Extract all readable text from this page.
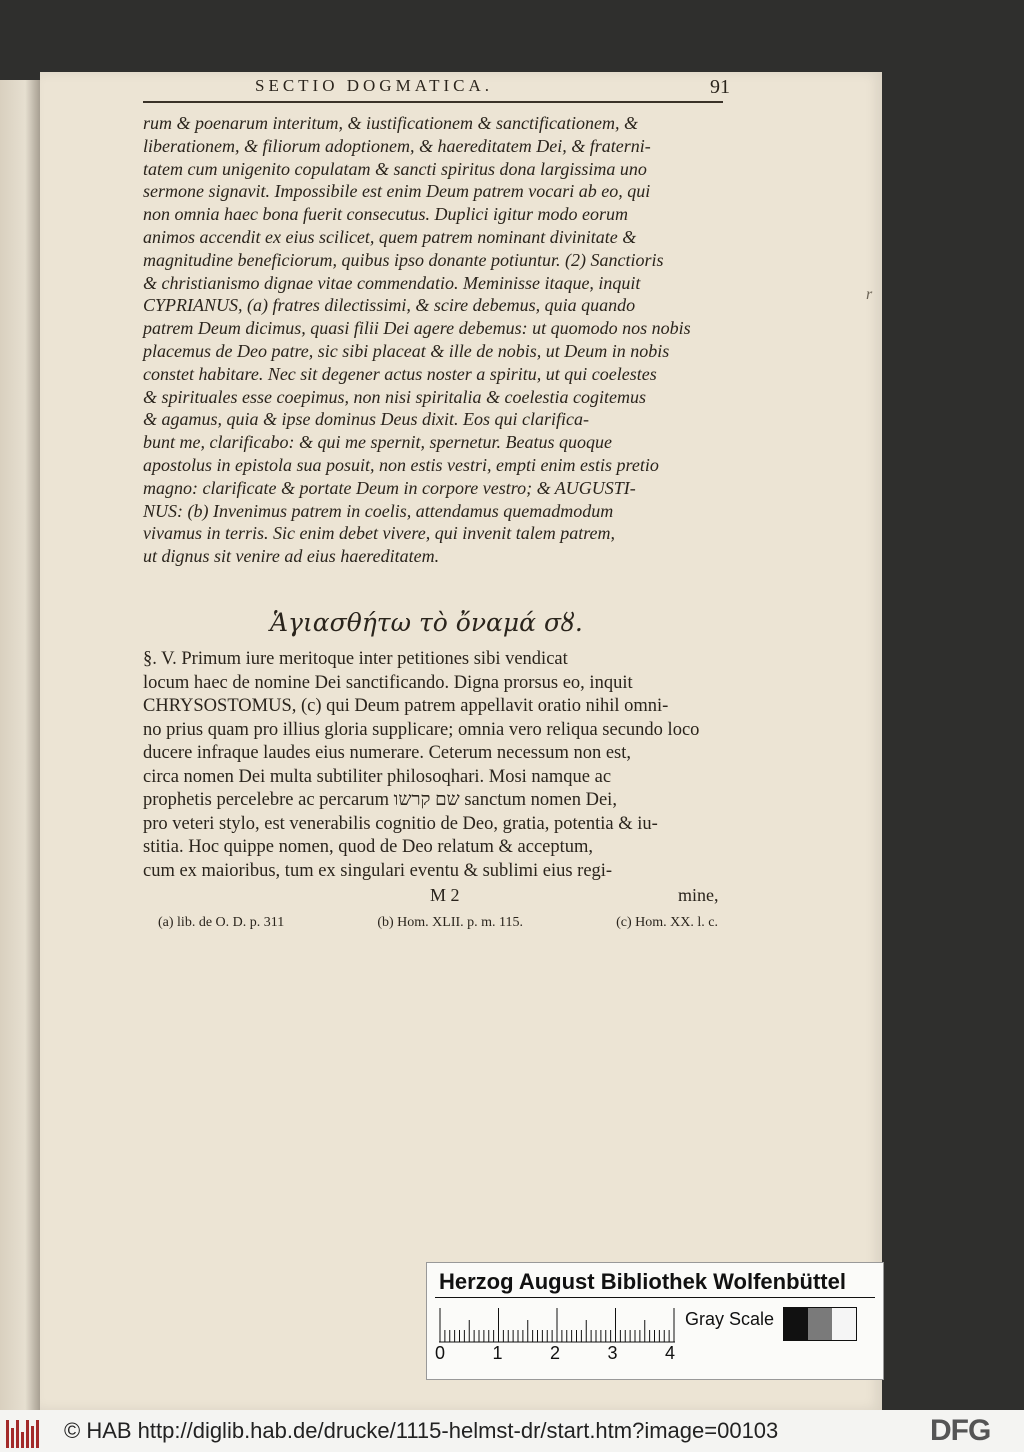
SECTIO DOGMATICA.	91

rum & poenarum interitum, & iustificationem & sanctificationem, &

liberationem, & filiorum adoptionem, & haereditatem Dei, & fraterni-

tatem cum unigenito copulatam & sancti spiritus dona largissima uno

sermone signavit. Impossibile est enim Deum patrem vocari ab eo, qui

non omnia haec bona fuerit consecutus. Duplici igitur modo eorum

animos accendit ex eius scilicet, quem patrem nominant divinitate &

magnitudine beneficiorum, quibus ipso donante potiuntur. (2) Sanctioris

& christianismo dignae vitae commendatio. Meminisse itaque, inquit

CYPRIANUS, (a) fratres dilectissimi, & scire debemus, quia quando

patrem Deum dicimus, quasi filii Dei agere debemus: ut quomodo nos nobis

placemus de Deo patre, sic sibi placeat & ille de nobis, ut Deum in nobis

constet habitare. Nec sit degener actus noster a spiritu, ut qui coelestes

& spirituales esse coepimus, non nisi spiritalia & coelestia cogitemus

& agamus, quia & ipse dominus Deus dixit. Eos qui clarifica-

bunt me, clarificabo: & qui me spernit, spernetur. Beatus quoque

apostolus in epistola sua posuit, non estis vestri, empti enim estis pretio

magno: clarificate & portate Deum in corpore vestro; & AUGUSTI-

NUS: (b) Invenimus patrem in coelis, attendamus quemadmodum

vivamus in terris. Sic enim debet vivere, qui invenit talem patrem,

ut dignus sit venire ad eius haereditatem.

r
Ἁγιασθήτω τὸ ὄναμά σȣ.

§. V. Primum iure meritoque inter petitiones sibi vendicat

locum haec de nomine Dei sanctificando. Digna prorsus eo, inquit

CHRYSOSTOMUS, (c) qui Deum patrem appellavit oratio nihil omni-

no prius quam pro illius gloria supplicare; omnia vero reliqua secundo loco

ducere infraque laudes eius numerare. Ceterum necessum non est,

circa nomen Dei multa subtiliter philosoqhari. Mosi namque ac

prophetis percelebre ac percarum שם קרשו sanctum nomen Dei,

pro veteri stylo, est venerabilis cognitio de Deo, gratia, potentia & iu-

stitia. Hoc quippe nomen, quod de Deo relatum & acceptum,

cum ex maioribus, tum ex singulari eventu & sublimi eius regi-

M 2	mine,
(a) lib. de O. D. p. 311	(b) Hom. XLII. p. m. 115.	(c) Hom. XX. l. c.
Herzog August Bibliothek Wolfenbüttel
Gray Scale
0	1	2	3	4
© HAB http://diglib.hab.de/drucke/1115-helmst-dr/start.htm?image=00103	DFG
